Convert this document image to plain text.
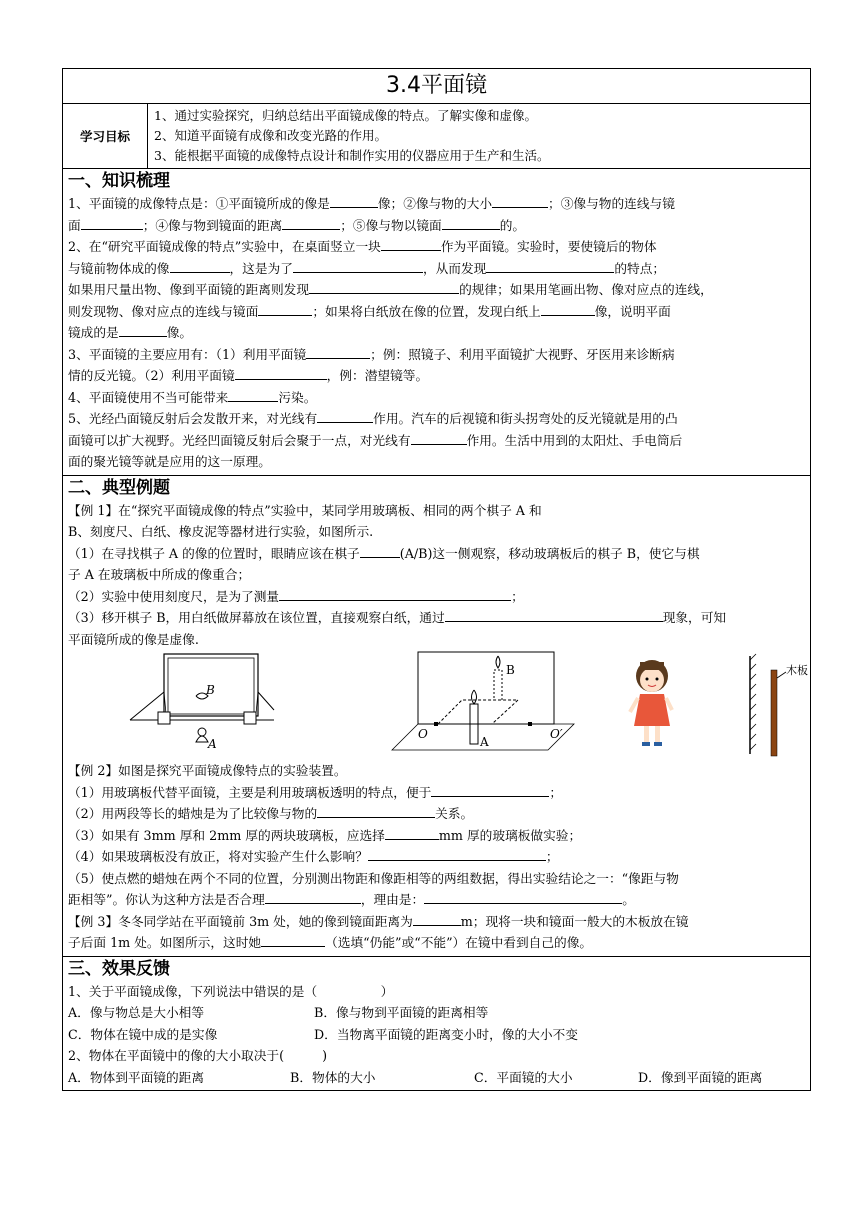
3.4平面镜
学习目标
1、通过实验探究，归纳总结出平面镜成像的特点。了解实像和虚像。
2、知道平面镜有成像和改变光路的作用。
3、能根据平面镜的成像特点设计和制作实用的仪器应用于生产和生活。
一、知识梳理

1、平面镜的成像特点是：①平面镜所成的像是	像；②像与物的大小	；③像与物的连线与镜

面	；④像与物到镜面的距离	；⑤像与物以镜面	的。

2、在“研究平面镜成像的特点”实验中，在桌面竖立一块	作为平面镜。实验时，要使镜后的物体

与镜前物体成的像	，这是为了	，从而发现	的特点；

如果用尺量出物、像到平面镜的距离则发现	的规律；如果用笔画出物、像对应点的连线，

则发现物、像对应点的连线与镜面	；如果将白纸放在像的位置，发现白纸上	像，说明平面

镜成的是	像。

3、平面镜的主要应用有：（1）利用平面镜	；例：照镜子、利用平面镜扩大视野、牙医用来诊断病

情的反光镜。（2）利用平面镜	，例：潜望镜等。

4、平面镜使用不当可能带来	污染。

5、光经凸面镜反射后会发散开来，对光线有	作用。汽车的后视镜和街头拐弯处的反光镜就是用的凸

面镜可以扩大视野。光经凹面镜反射后会聚于一点，对光线有	作用。生活中用到的太阳灶、手电筒后

面的聚光镜等就是应用的这一原理。

二、典型例题

【例 1】在“探究平面镜成像的特点”实验中，某同学用玻璃板、相同的两个棋子 A 和

B、刻度尺、白纸、橡皮泥等器材进行实验，如图所示.

（1）在寻找棋子 A 的像的位置时，眼睛应该在棋子	(A/B)这一侧观察，移动玻璃板后的棋子 B，使它与棋

子 A 在玻璃板中所成的像重合；

（2）实验中使用刻度尺，是为了测量	；

（3）移开棋子 B，用白纸做屏幕放在该位置，直接观察白纸，通过	现象，可知

平面镜所成的像是虚像.

B
A
B
A
O	O′
木板

【例 2】如图是探究平面镜成像特点的实验装置。

（1）用玻璃板代替平面镜，主要是利用玻璃板透明的特点，便于	；

（2）用两段等长的蜡烛是为了比较像与物的	关系。

（3）如果有 3mm 厚和 2mm 厚的两块玻璃板，应选择	mm 厚的玻璃板做实验；

（4）如果玻璃板没有放正，将对实验产生什么影响？	；

（5）使点燃的蜡烛在两个不同的位置，分别测出物距和像距相等的两组数据，得出实验结论之一：“像距与物

距相等”。你认为这种方法是否合理	，理由是：	。

【例 3】冬冬同学站在平面镜前 3m 处，她的像到镜面距离为	m；现将一块和镜面一般大的木板放在镜

子后面 1m 处。如图所示，这时她	（选填“仍能”或“不能”）在镜中看到自己的像。

三、效果反馈

1、关于平面镜成像，下列说法中错误的是（　　　　　）

A．像与物总是大小相等	B．像与物到平面镜的距离相等
C．物体在镜中成的是实像	D．当物离平面镜的距离变小时，像的大小不变

2、物体在平面镜中的像的大小取决于(　　　)

A．物体到平面镜的距离	B．物体的大小	C．平面镜的大小	D．像到平面镜的距离
